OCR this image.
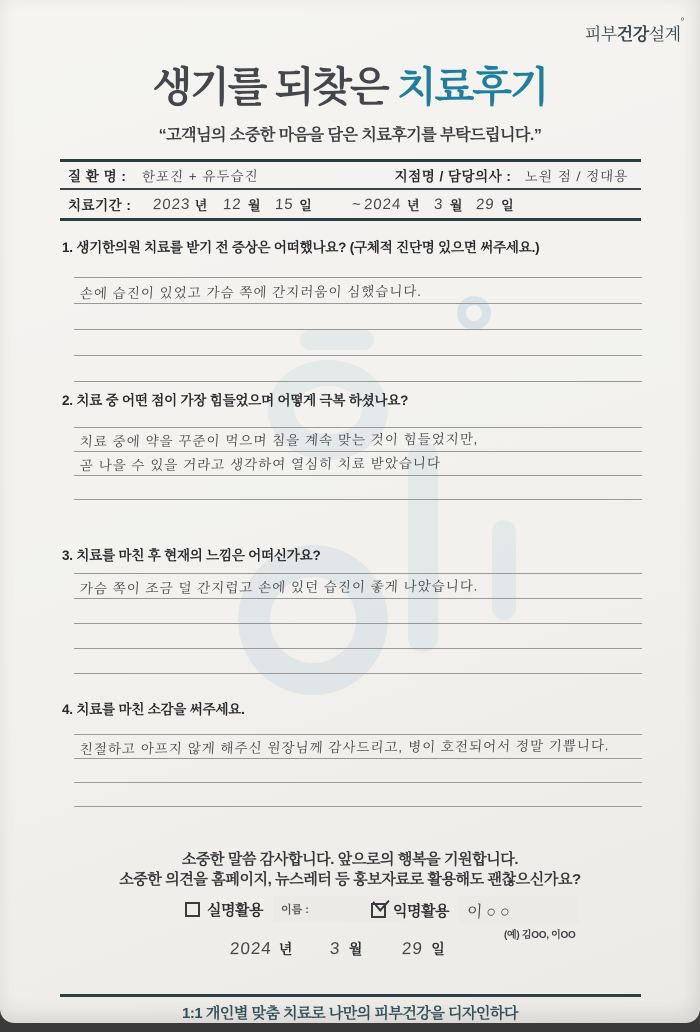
피부건강설계°
생기를 되찾은 치료후기
“고객님의 소중한 마음을 담은 치료후기를 부탁드립니다.”
질 환 명 : 한포진 + 유두습진	지점명 / 담당의사 : 노원 점 / 정대용
치료기간 : 2023 년 12 월 15 일	~ 2024 년 3 월 29 일
1. 생기한의원 치료를 받기 전 증상은 어떠했나요? (구체적 진단명 있으면 써주세요.)
손에 습진이 있었고 가슴 쪽에 간지러움이 심했습니다.
2. 치료 중 어떤 점이 가장 힘들었으며 어떻게 극복 하셨나요?
치료 중에 약을 꾸준이 먹으며 침을 계속 맞는 것이 힘들었지만,
곧 나을 수 있을 거라고 생각하여 열심히 치료 받았습니다
3. 치료를 마친 후 현재의 느낌은 어떠신가요?
가슴 쪽이 조금 덜 간지럽고 손에 있던 습진이 좋게 나았습니다.
4. 치료를 마친 소감을 써주세요.
친절하고 아프지 않게 해주신 원장님께 감사드리고, 병이 호전되어서 정말 기쁩니다.
소중한 말씀 감사합니다. 앞으로의 행복을 기원합니다.
소중한 의견을 홈페이지, 뉴스레터 등 홍보자료로 활용해도 괜찮으신가요?
실명활용 이름 :	익명활용 이○○
(예) 김OO, 이OO
2024 년 3 월 29 일
1:1 개인별 맞춤 치료로 나만의 피부건강을 디자인하다
